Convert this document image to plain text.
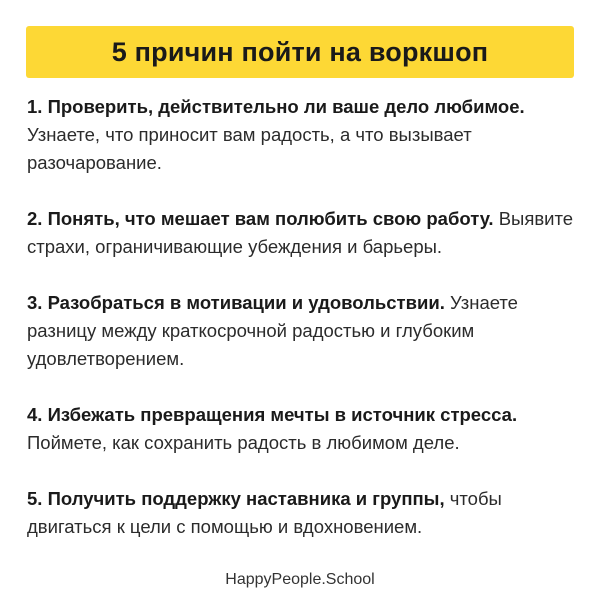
5 причин пойти на воркшоп

1. Проверить, действительно ли ваше дело любимое. Узнаете, что приносит вам радость, а что вызывает разочарование.

2. Понять, что мешает вам полюбить свою работу. Выявите страхи, ограничивающие убеждения и барьеры.

3. Разобраться в мотивации и удовольствии. Узнаете разницу между краткосрочной радостью и глубоким удовлетворением.

4. Избежать превращения мечты в источник стресса. Поймете, как сохранить радость в любимом деле.

5. Получить поддержку наставника и группы, чтобы двигаться к цели с помощью и вдохновением.

HappyPeople.School
